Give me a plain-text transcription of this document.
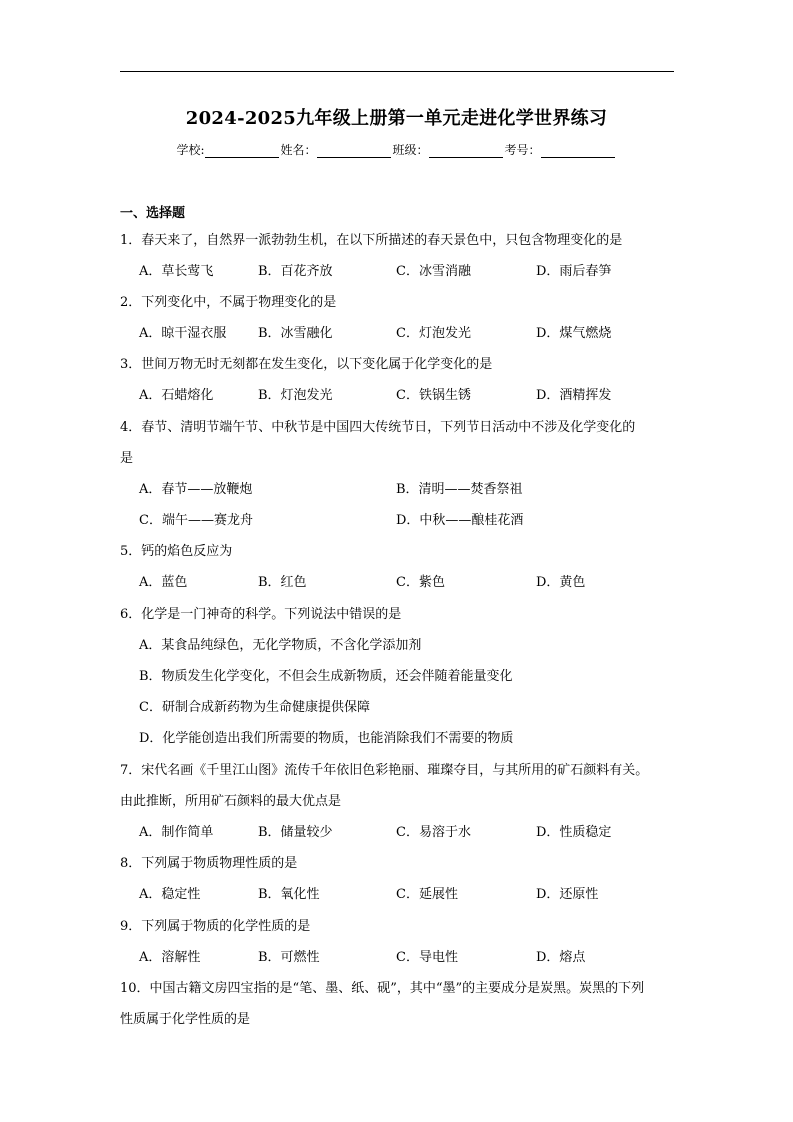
2024-2025九年级上册第一单元走进化学世界练习
学校:	姓名：	班级：	考号：
一、选择题
1．春天来了，自然界一派勃勃生机，在以下所描述的春天景色中，只包含物理变化的是
A．草长莺飞	B．百花齐放	C．冰雪消融	D．雨后春笋
2．下列变化中，不属于物理变化的是
A．晾干湿衣服 B．冰雪融化	C．灯泡发光	D．煤气燃烧
3．世间万物无时无刻都在发生变化，以下变化属于化学变化的是
A．石蜡熔化	B．灯泡发光	C．铁锅生锈	D．酒精挥发
4．春节、清明节端午节、中秋节是中国四大传统节日，下列节日活动中不涉及化学变化的
是
A．春节——放鞭炮	B．清明——焚香祭祖
C．端午——赛龙舟	D．中秋——酿桂花酒
5．钙的焰色反应为
A．蓝色	B．红色	C．紫色	D．黄色
6．化学是一门神奇的科学。下列说法中错误的是
A．某食品纯绿色，无化学物质，不含化学添加剂
B．物质发生化学变化，不但会生成新物质，还会伴随着能量变化
C．研制合成新药物为生命健康提供保障
D．化学能创造出我们所需要的物质，也能消除我们不需要的物质
7．宋代名画《千里江山图》流传千年依旧色彩艳丽、璀璨夺目，与其所用的矿石颜料有关。
由此推断，所用矿石颜料的最大优点是
A．制作简单	B．储量较少	C．易溶于水	D．性质稳定
8．下列属于物质物理性质的是
A．稳定性	B．氧化性	C．延展性	D．还原性
9．下列属于物质的化学性质的是
A．溶解性	B．可燃性	C．导电性	D．熔点
10．中国古籍文房四宝指的是“笔、墨、纸、砚”，其中“墨”的主要成分是炭黑。炭黑的下列
性质属于化学性质的是
